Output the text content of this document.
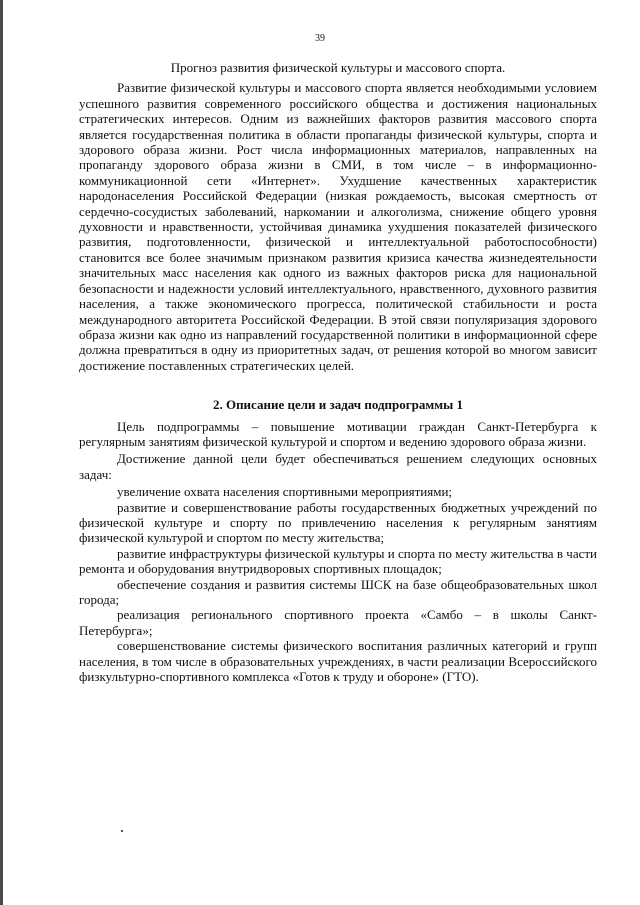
39

Прогноз развития физической культуры и массового спорта.

Развитие физической культуры и массового спорта является необходимыми условием успешного развития современного российского общества и достижения национальных стратегических интересов. Одним из важнейших факторов развития массового спорта является государственная политика в области пропаганды физической культуры, спорта и здорового образа жизни. Рост числа информационных материалов, направленных на пропаганду здорового образа жизни в СМИ, в том числе – в информационно-коммуникационной сети «Интернет». Ухудшение качественных характеристик народонаселения Российской Федерации (низкая рождаемость, высокая смертность от сердечно-сосудистых заболеваний, наркомании и алкоголизма, снижение общего уровня духовности и нравственности, устойчивая динамика ухудшения показателей физического развития, подготовленности, физической и интеллектуальной работоспособности) становится все более значимым признаком развития кризиса качества жизнедеятельности значительных масс населения как одного из важных факторов риска для национальной безопасности и надежности условий интеллектуального, нравственного, духовного развития населения, а также экономического прогресса, политической стабильности и роста международного авторитета Российской Федерации. В этой связи популяризация здорового образа жизни как одно из направлений государственной политики в информационной сфере должна превратиться в одну из приоритетных задач, от решения которой во многом зависит достижение поставленных стратегических целей.

2. Описание цели и задач подпрограммы 1

Цель подпрограммы – повышение мотивации граждан Санкт-Петербурга к регулярным занятиям физической культурой и спортом и ведению здорового образа жизни.

Достижение данной цели будет обеспечиваться решением следующих основных задач:

увеличение охвата населения спортивными мероприятиями;

развитие и совершенствование работы государственных бюджетных учреждений по физической культуре и спорту по привлечению населения к регулярным занятиям физической культурой и спортом по месту жительства;

развитие инфраструктуры физической культуры и спорта по месту жительства в части ремонта и оборудования внутридворовых спортивных площадок;

обеспечение создания и развития системы ШСК на базе общеобразовательных школ города;

реализация регионального спортивного проекта «Самбо – в школы Санкт-Петербурга»;

совершенствование системы физического воспитания различных категорий и групп населения, в том числе в образовательных учреждениях, в части реализации Всероссийского физкультурно-спортивного комплекса «Готов к труду и обороне» (ГТО).
